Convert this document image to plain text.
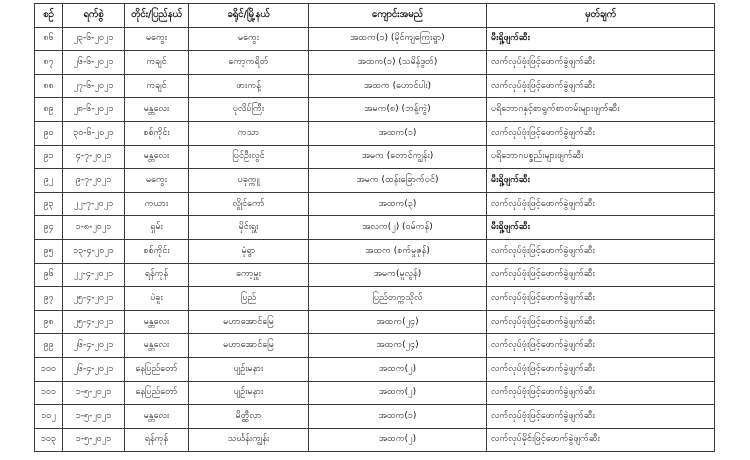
စဉ်	ရက်စွဲ	တိုင်း/ပြည်နယ်	ခရိုင်/မြို့နယ်	ကျောင်းအမည်	မှတ်ချက်
၈၆	၂၃-၆-၂၀၂၁	မကွေး	မကွေး	အထက(၁) (မိုင်ကျကြေးရွာ)	မီးရှို့ဖျက်ဆီး
၈၇	၂၆-၆-၂၀၂၁	ကချင်	ကော့ကရိတ်	အထက(၁) (သမိန်ဒွတ်)	လက်လုပ်ဗုံးဖြင့်ဖောက်ခွဲဖျက်ဆီး
၈၈	၂၇-၆-၂၀၂၁	ကချင်	ဖားကန့်	အထက (ဟောင်ပါး)	လက်လုပ်ဗုံးဖြင့်ဖောက်ခွဲဖျက်ဆီး
၈၉	၂၈-၆-၂၀၂၁	မန္တလေး	ပုလိပ်ကြီး	အမက(၈) (ဘန့်ကွဲ)	ပရိဘောဂနှင့်စာရွက်စာတမ်းများဖျက်ဆီး
၉၀	၃၀-၆-၂၀၂၁	စစ်ကိုင်း	ကသာ	အထက(၁)	လက်လုပ်ဗုံးဖြင့်ဖောက်ခွဲဖျက်ဆီး
၉၁	၄-၇-၂၀၂၁	မန္တလေး	ပြင်ဦးလွင်	အမက (တောင်ကျွန်း)	ပရိဘောဂပစ္စည်းများဖျက်ဆီး
၉၂	၉-၇-၂၀၂၁	မကွေး	ပခုက္ကူ	အမက (ထန်းခြောက်ပင်)	မီးရှို့ဖျက်ဆီး
၉၃	၂၂-၇-၂၀၂၁	ကယား	လွိုင်ကော်	အထက(၃)	လက်လုပ်ဗုံးဖြင့်ဖောက်ခွဲဖျက်ဆီး
၉၄	၁-၈-၂၀၂၁	ရှမ်း	မိုင်းရှူး	အလက(၂) (ဝမ်ကန်)	မီးရှို့ဖျက်ဆီး
၉၅	၁၃-၄-၂၀၂၁	စစ်ကိုင်း	မုံရွာ	အထက (စက်မှုဇုန်)	လက်လုပ်ဗုံးဖြင့်ဖောက်ခွဲဖျက်ဆီး
၉၆	၂၂-၄-၂၀၂၁	ရန်ကုန်	ကော့မှူး	အမက(မူလွန်)	လက်လုပ်ဗုံးဖြင့်ဖောက်ခွဲဖျက်ဆီး
၉၇	၂၅-၄-၂၀၂၁	ပဲခူး	ပြည်	ပြည်တက္ကသိုလ်	လက်လုပ်ဗုံးဖြင့်ဖောက်ခွဲဖျက်ဆီး
၉၈	၂၅-၄-၂၀၂၁	မန္တလေး	မဟာအောင်မြေ	အထက(၂၄)	လက်လုပ်ဗုံးဖြင့်ဖောက်ခွဲဖျက်ဆီး
၉၉	၂၆-၄-၂၀၂၁	မန္တလေး	မဟာအောင်မြေ	အထက(၂၄)	လက်လုပ်ဗုံးဖြင့်ဖောက်ခွဲဖျက်ဆီး
၁၀၀	၂၆-၄-၂၀၂၁	နေပြည်တော်	ပျဉ်းမနား	အထက(၂)	လက်လုပ်ဗုံးဖြင့်ဖောက်ခွဲဖျက်ဆီး
၁၀၁	၁-၅-၂၀၂၁	နေပြည်တော်	ပျဉ်းမနား	အထက(၂)	လက်လုပ်ဗုံးဖြင့်ဖောက်ခွဲဖျက်ဆီး
၁၀၂	၁-၅-၂၀၂၁	မန္တလေး	မိတ္ထီလာ	အထက(၁)	လက်လုပ်ဗုံးဖြင့်ဖောက်ခွဲဖျက်ဆီး
၁၀၃	၁-၅-၂၀၂၁	ရန်ကုန်	သင်္ဃန်းကျွန်း	အထက(၂)	လက်လုပ်မိုင်းဖြင့်ဖောက်ခွဲဖျက်ဆီး
